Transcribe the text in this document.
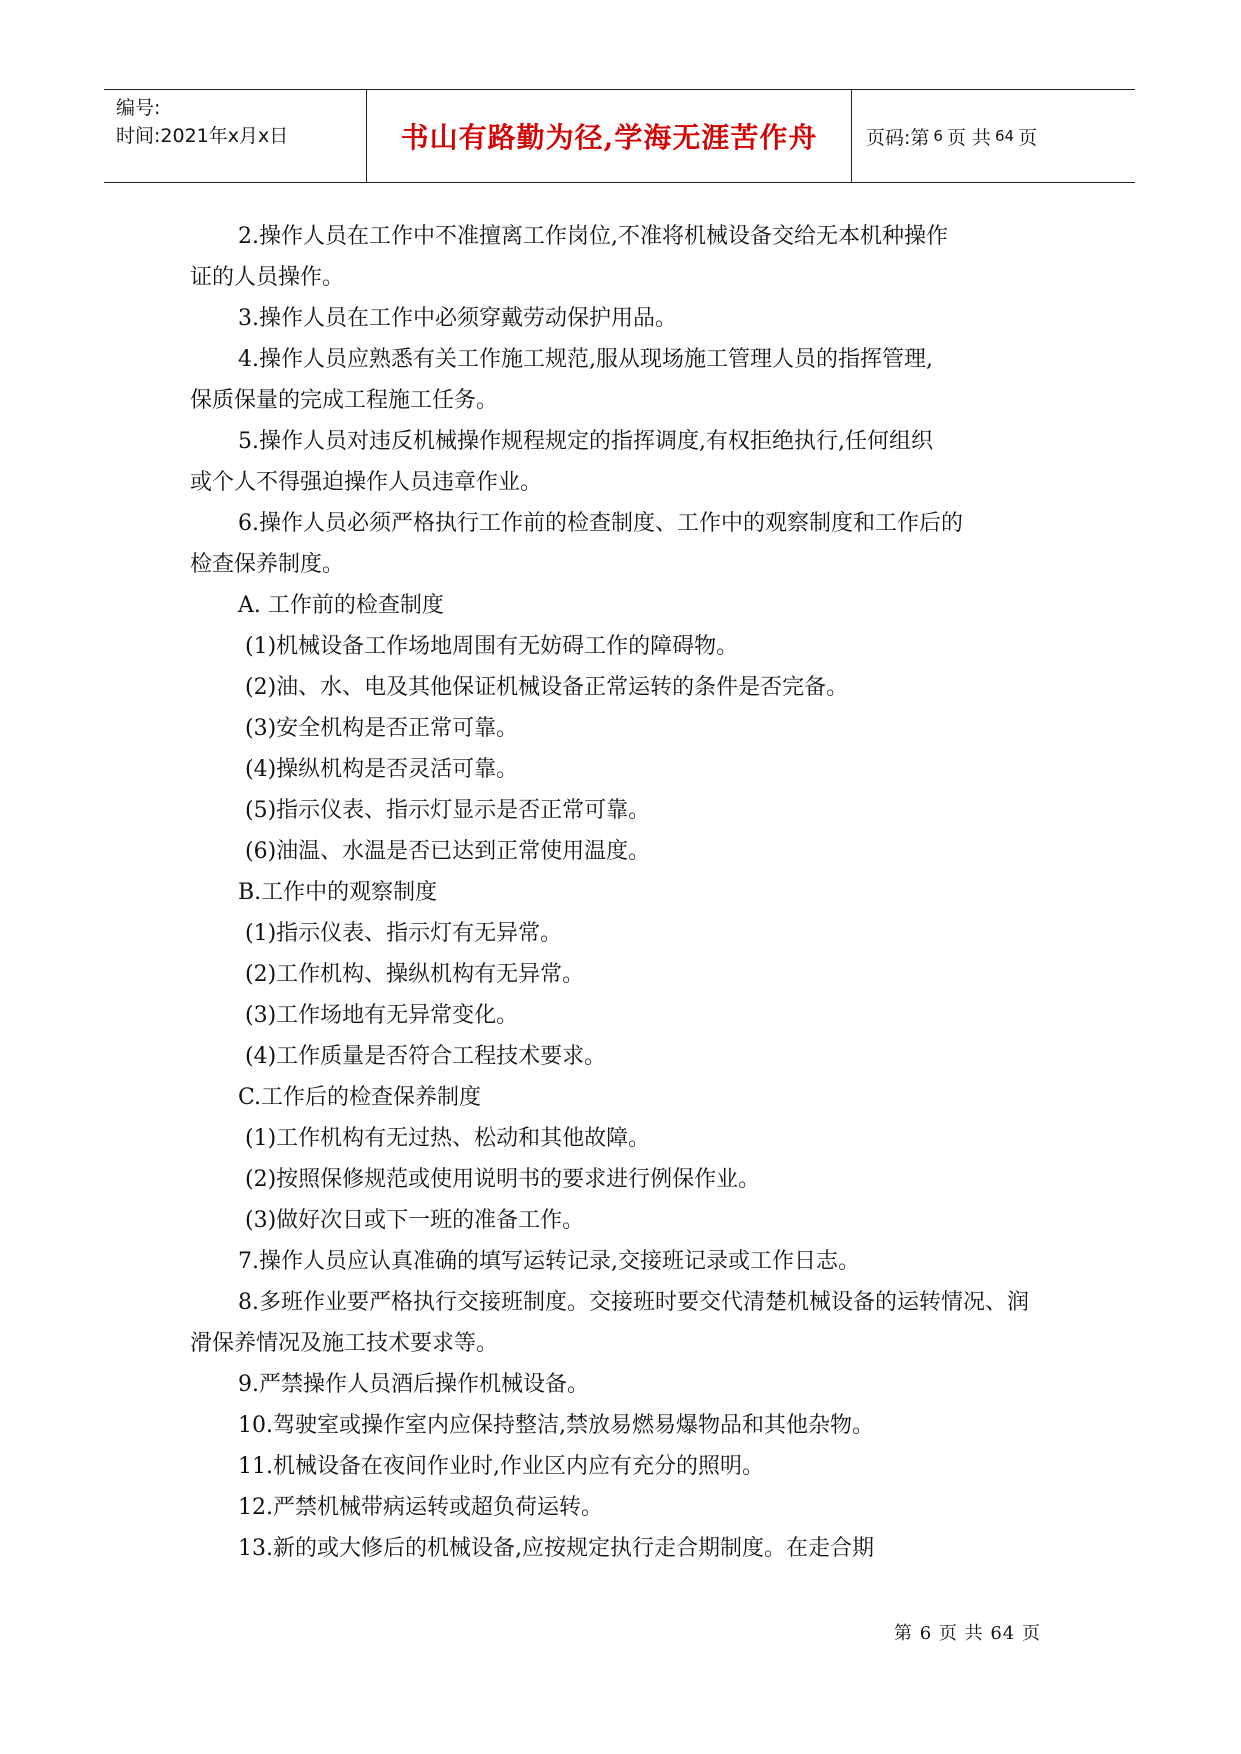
编号:
时间:2021年x月x日	书山有路勤为径,学海无涯苦作舟	页码:第 6 页 共 64 页
2.操作人员在工作中不准擅离工作岗位,不准将机械设备交给无本机种操作
证的人员操作。
3.操作人员在工作中必须穿戴劳动保护用品。
4.操作人员应熟悉有关工作施工规范,服从现场施工管理人员的指挥管理,
保质保量的完成工程施工任务。
5.操作人员对违反机械操作规程规定的指挥调度,有权拒绝执行,任何组织
或个人不得强迫操作人员违章作业。
6.操作人员必须严格执行工作前的检查制度、工作中的观察制度和工作后的
检查保养制度。
A. 工作前的检查制度
(1)机械设备工作场地周围有无妨碍工作的障碍物。
(2)油、水、电及其他保证机械设备正常运转的条件是否完备。
(3)安全机构是否正常可靠。
(4)操纵机构是否灵活可靠。
(5)指示仪表、指示灯显示是否正常可靠。
(6)油温、水温是否已达到正常使用温度。
B.工作中的观察制度
(1)指示仪表、指示灯有无异常。
(2)工作机构、操纵机构有无异常。
(3)工作场地有无异常变化。
(4)工作质量是否符合工程技术要求。
C.工作后的检查保养制度
(1)工作机构有无过热、松动和其他故障。
(2)按照保修规范或使用说明书的要求进行例保作业。
(3)做好次日或下一班的准备工作。
7.操作人员应认真准确的填写运转记录,交接班记录或工作日志。
8.多班作业要严格执行交接班制度。交接班时要交代清楚机械设备的运转情况、润
滑保养情况及施工技术要求等。
9.严禁操作人员酒后操作机械设备。
10.驾驶室或操作室内应保持整洁,禁放易燃易爆物品和其他杂物。
11.机械设备在夜间作业时,作业区内应有充分的照明。
12.严禁机械带病运转或超负荷运转。
13.新的或大修后的机械设备,应按规定执行走合期制度。在走合期
第 6 页 共 64 页
